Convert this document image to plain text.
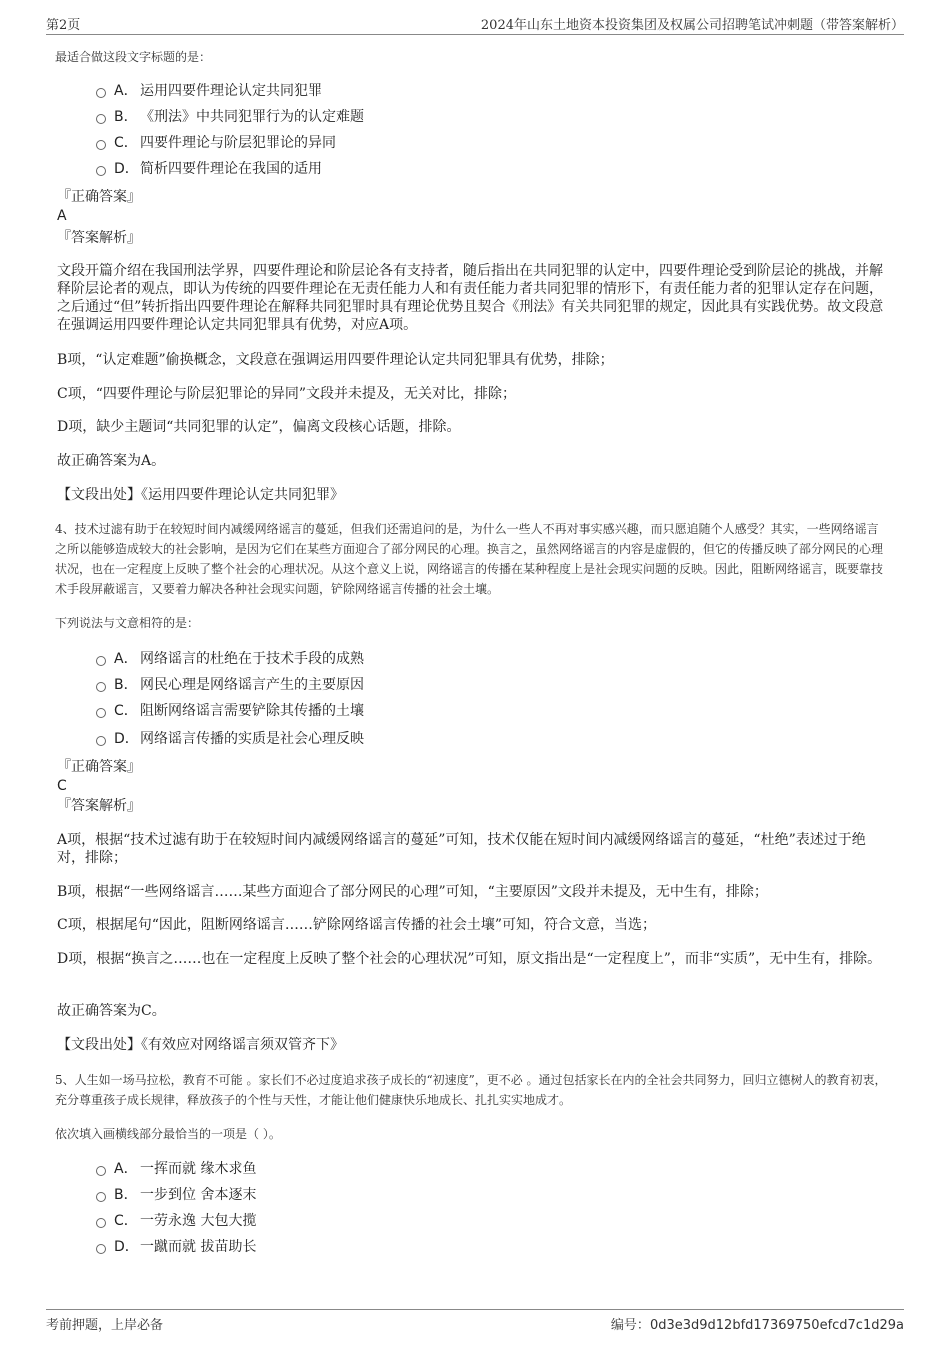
第2页	2024年山东土地资本投资集团及权属公司招聘笔试冲刺题（带答案解析）
最适合做这段文字标题的是：
A． 运用四要件理论认定共同犯罪
B． 《刑法》中共同犯罪行为的认定难题
C． 四要件理论与阶层犯罪论的异同
D．简析四要件理论在我国的适用
『正确答案』
A
『答案解析』
文段开篇介绍在我国刑法学界，四要件理论和阶层论各有支持者，随后指出在共同犯罪的认定中，四要件理论受到阶层论的挑战，并解释阶层论者的观点，即认为传统的四要件理论在无责任能力人和有责任能力者共同犯罪的情形下，有责任能力者的犯罪认定存在问题，之后通过“但”转折指出四要件理论在解释共同犯罪时具有理论优势且契合《刑法》有关共同犯罪的规定，因此具有实践优势。故文段意在强调运用四要件理论认定共同犯罪具有优势，对应A项。
B项，“认定难题”偷换概念，文段意在强调运用四要件理论认定共同犯罪具有优势，排除；
C项，“四要件理论与阶层犯罪论的异同”文段并未提及，无关对比，排除；
D项，缺少主题词“共同犯罪的认定”，偏离文段核心话题，排除。
故正确答案为A。
【文段出处】《运用四要件理论认定共同犯罪》
4、技术过滤有助于在较短时间内减缓网络谣言的蔓延，但我们还需追问的是，为什么一些人不再对事实感兴趣，而只愿追随个人感受？其实，一些网络谣言之所以能够造成较大的社会影响，是因为它们在某些方面迎合了部分网民的心理。换言之，虽然网络谣言的内容是虚假的，但它的传播反映了部分网民的心理状况，也在一定程度上反映了整个社会的心理状况。从这个意义上说，网络谣言的传播在某种程度上是社会现实问题的反映。因此，阻断网络谣言，既要靠技术手段屏蔽谣言，又要着力解决各种社会现实问题，铲除网络谣言传播的社会土壤。
下列说法与文意相符的是：
A． 网络谣言的杜绝在于技术手段的成熟
B． 网民心理是网络谣言产生的主要原因
C． 阻断网络谣言需要铲除其传播的土壤
D．网络谣言传播的实质是社会心理反映
『正确答案』
C
『答案解析』
A项，根据“技术过滤有助于在较短时间内减缓网络谣言的蔓延”可知，技术仅能在短时间内减缓网络谣言的蔓延，“杜绝”表述过于绝对，排除；
B项，根据“一些网络谣言……某些方面迎合了部分网民的心理”可知，“主要原因”文段并未提及，无中生有，排除；
C项，根据尾句“因此，阻断网络谣言……铲除网络谣言传播的社会土壤”可知，符合文意，当选；
D项，根据“换言之……也在一定程度上反映了整个社会的心理状况”可知，原文指出是“一定程度上”，而非“实质”，无中生有，排除。
故正确答案为C。
【文段出处】《有效应对网络谣言须双管齐下》
5、人生如一场马拉松，教育不可能 。家长们不必过度追求孩子成长的“初速度”，更不必 。通过包括家长在内的全社会共同努力，回归立德树人的教育初衷，充分尊重孩子成长规律，释放孩子的个性与天性，才能让他们健康快乐地成长、扎扎实实地成才。
依次填入画横线部分最恰当的一项是（ ）。
A． 一挥而就 缘木求鱼
B． 一步到位 舍本逐末
C． 一劳永逸 大包大揽
D．一蹴而就 拔苗助长
考前押题，上岸必备	编号：0d3e3d9d12bfd17369750efcd7c1d29a
